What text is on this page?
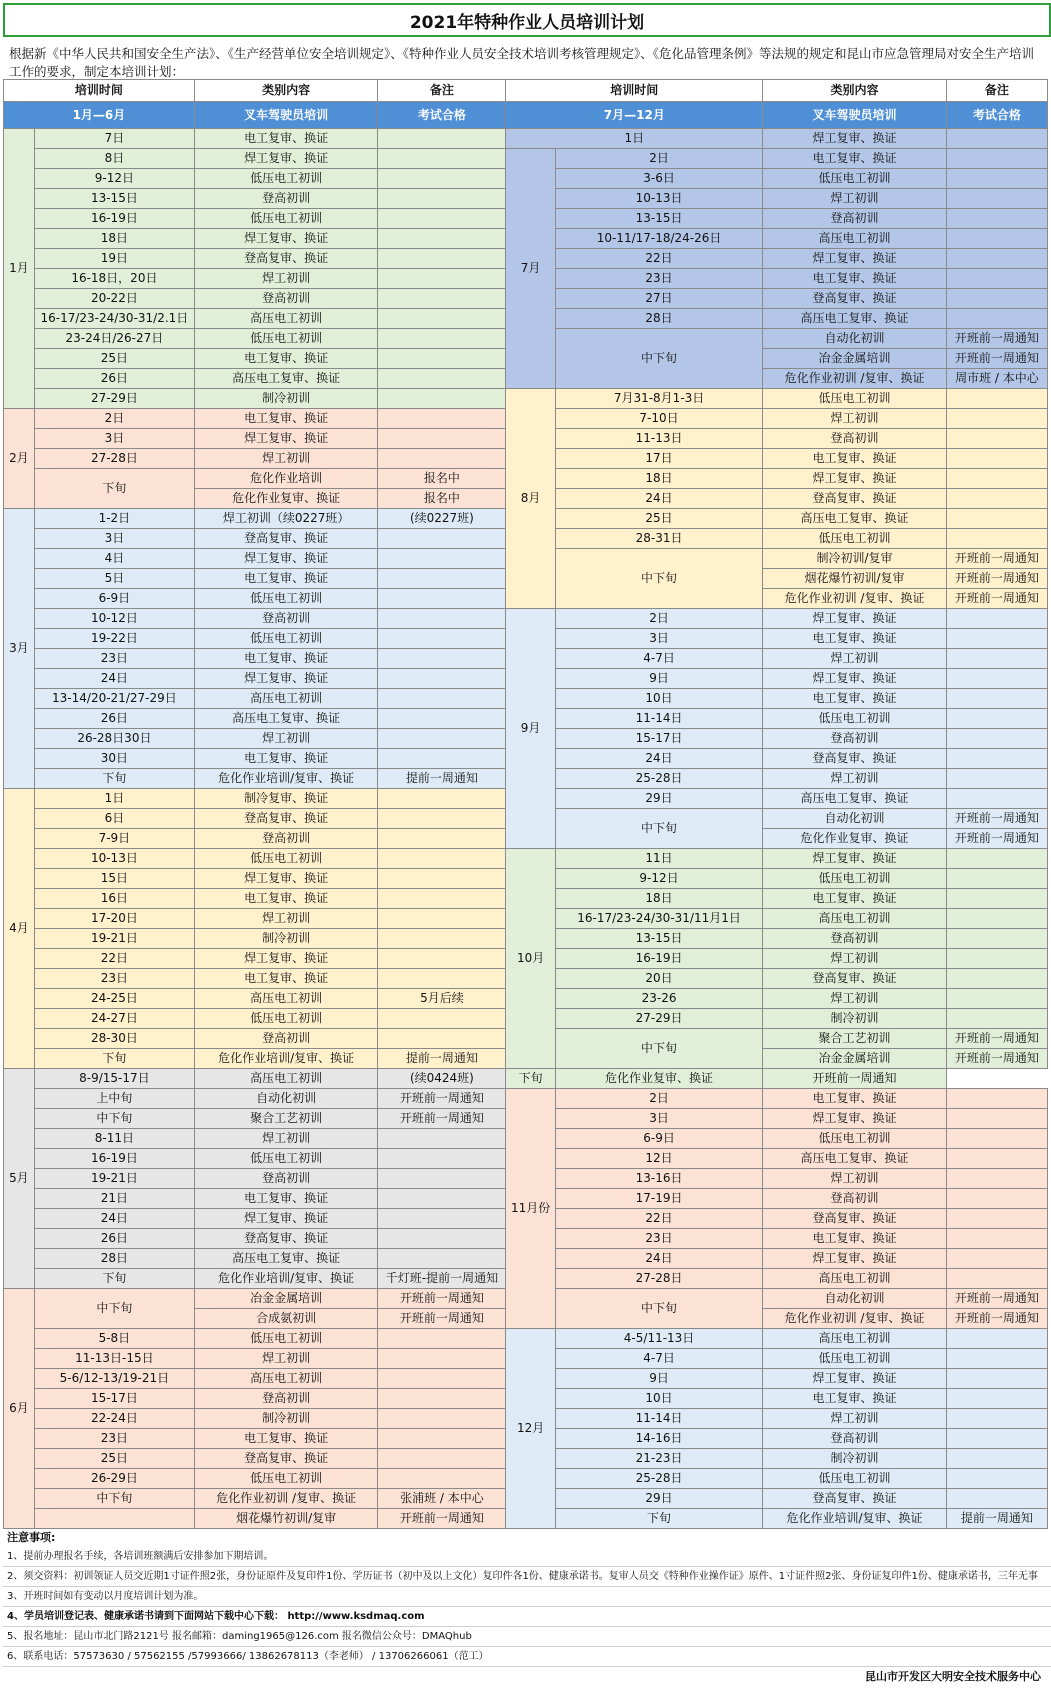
2021年特种作业人员培训计划
根据新《中华人民共和国安全生产法》、《生产经营单位安全培训规定》、《特种作业人员安全技术培训考核管理规定》、《危化品管理条例》等法规的规定和昆山市应急管理局对安全生产培训工作的要求，制定本培训计划：
培训时间		类别内容	备注	培训时间		类别内容	备注
1月—6月		叉车驾驶员培训	考试合格	7月—12月		叉车驾驶员培训	考试合格
1月	7日	电工复审、换证		1日		焊工复审、换证	
	8日	焊工复审、换证		7月	2日	电工复审、换证	
	9-12日	低压电工初训			3-6日	低压电工初训	
	13-15日	登高初训			10-13日	焊工初训	
	16-19日	低压电工初训			13-15日	登高初训	
	18日	焊工复审、换证			10-11/17-18/24-26日	高压电工初训	
	19日	登高复审、换证			22日	焊工复审、换证	
	16-18日，20日	焊工初训			23日	电工复审、换证	
	20-22日	登高初训			27日	登高复审、换证	
	16-17/23-24/30-31/2.1日	高压电工初训			28日	高压电工复审、换证	
	23-24日/26-27日	低压电工初训			中下旬	自动化初训	开班前一周通知
	25日	电工复审、换证				冶金金属培训	开班前一周通知
	26日	高压电工复审、换证				危化作业初训 /复审、换证	周市班 / 本中心
	27-29日	制冷初训		8月	7月31-8月1-3日	低压电工初训	
2月	2日	电工复审、换证			7-10日	焊工初训	
	3日	焊工复审、换证			11-13日	登高初训	
	27-28日	焊工初训			17日	电工复审、换证	
	下旬	危化作业培训	报名中		18日	焊工复审、换证	
		危化作业复审、换证	报名中		24日	登高复审、换证	
3月	1-2日	焊工初训（续0227班）	(续0227班)		25日	高压电工复审、换证	
	3日	登高复审、换证			28-31日	低压电工初训	
	4日	焊工复审、换证			中下旬	制冷初训/复审	开班前一周通知
	5日	电工复审、换证				烟花爆竹初训/复审	开班前一周通知
	6-9日	低压电工初训				危化作业初训 /复审、换证	开班前一周通知
	10-12日	登高初训		9月	2日	焊工复审、换证	
	19-22日	低压电工初训			3日	电工复审、换证	
	23日	电工复审、换证			4-7日	焊工初训	
	24日	焊工复审、换证			9日	焊工复审、换证	
	13-14/20-21/27-29日	高压电工初训			10日	电工复审、换证	
	26日	高压电工复审、换证			11-14日	低压电工初训	
	26-28日30日	焊工初训			15-17日	登高初训	
	30日	电工复审、换证			24日	登高复审、换证	
	下旬	危化作业培训/复审、换证	提前一周通知		25-28日	焊工初训	
4月	1日	制冷复审、换证			29日	高压电工复审、换证	
	6日	登高复审、换证			中下旬	自动化初训	开班前一周通知
	7-9日	登高初训				危化作业复审、换证	开班前一周通知
	10-13日	低压电工初训		10月	11日	焊工复审、换证	
	15日	焊工复审、换证			9-12日	低压电工初训	
	16日	电工复审、换证			18日	电工复审、换证	
	17-20日	焊工初训			16-17/23-24/30-31/11月1日	高压电工初训	
	19-21日	制冷初训			13-15日	登高初训	
	22日	焊工复审、换证			16-19日	焊工初训	
	23日	电工复审、换证			20日	登高复审、换证	
	24-25日	高压电工初训	5月后续		23-26	焊工初训	
	24-27日	低压电工初训			27-29日	制冷初训	
	28-30日	登高初训			中下旬	聚合工艺初训	开班前一周通知
	下旬	危化作业培训/复审、换证	提前一周通知			冶金金属培训	开班前一周通知
5月	8-9/15-17日	高压电工初训	(续0424班)	下旬	危化作业复审、换证	开班前一周通知	
	上中旬	自动化初训	开班前一周通知	11月份	2日	电工复审、换证	
	中下旬	聚合工艺初训	开班前一周通知		3日	焊工复审、换证	
	8-11日	焊工初训			6-9日	低压电工初训	
	16-19日	低压电工初训			12日	高压电工复审、换证	
	19-21日	登高初训			13-16日	焊工初训	
	21日	电工复审、换证			17-19日	登高初训	
	24日	焊工复审、换证			22日	登高复审、换证	
	26日	登高复审、换证			23日	电工复审、换证	
	28日	高压电工复审、换证			24日	焊工复审、换证	
	下旬	危化作业培训/复审、换证	千灯班-提前一周通知		27-28日	高压电工初训	
6月	中下旬	冶金金属培训	开班前一周通知		中下旬	自动化初训	开班前一周通知
		合成氨初训	开班前一周通知			危化作业初训 /复审、换证	开班前一周通知
	5-8日	低压电工初训		12月	4-5/11-13日	高压电工初训	
	11-13日-15日	焊工初训			4-7日	低压电工初训	
	5-6/12-13/19-21日	高压电工初训			9日	焊工复审、换证	
	15-17日	登高初训			10日	电工复审、换证	
	22-24日	制冷初训			11-14日	焊工初训	
	23日	电工复审、换证			14-16日	登高初训	
	25日	登高复审、换证			21-23日	制冷初训	
	26-29日	低压电工初训			25-28日	低压电工初训	
	中下旬	危化作业初训 /复审、换证	张浦班 / 本中心		29日	登高复审、换证	
		烟花爆竹初训/复审	开班前一周通知		下旬	危化作业培训/复审、换证	提前一周通知
注意事项:
1、提前办理报名手续，各培训班额满后安排参加下期培训。
2、须交资料：初训领证人员交近期1寸证件照2张，身份证原件及复印件1份、学历证书（初中及以上文化）复印件各1份、健康承诺书。复审人员交《特种作业操作证》原件、1寸证件照2张、身份证复印件1份、健康承诺书，三年无事
3、开班时间如有变动以月度培训计划为准。
4、学员培训登记表、健康承诺书请到下面网站下载中心下载： http://www.ksdmaq.com
5、报名地址：昆山市北门路2121号 报名邮箱：daming1965@126.com 报名微信公众号：DMAQhub
6、联系电话：57573630 / 57562155 /57993666/ 13862678113（李老师） / 13706266061（范工）
昆山市开发区大明安全技术服务中心
